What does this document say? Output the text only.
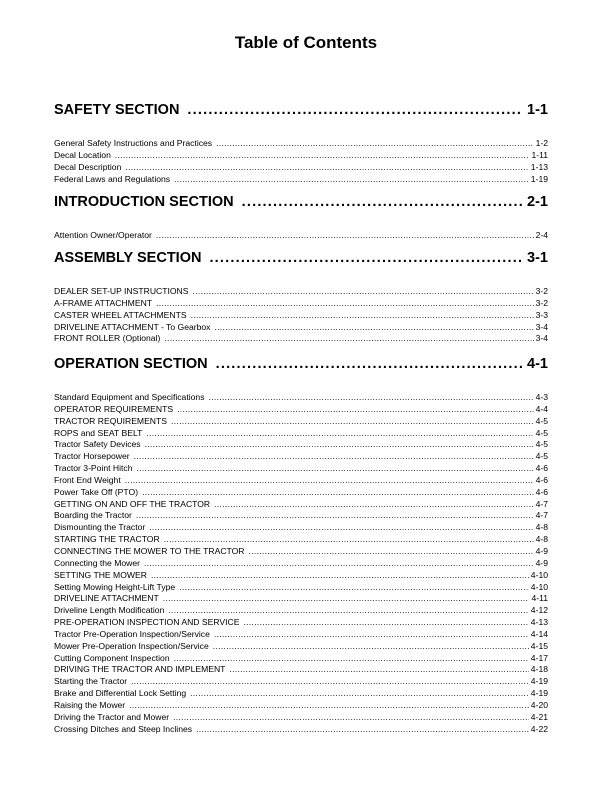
Table of Contents
SAFETY SECTION .....	1-1
General Safety Instructions and Practices .....	1-2
Decal Location .....	1-11
Decal Description .....	1-13
Federal Laws and Regulations .....	1-19
INTRODUCTION SECTION .....	2-1
Attention Owner/Operator .....	2-4
ASSEMBLY SECTION .....	3-1
DEALER SET-UP INSTRUCTIONS .....	3-2
A-FRAME ATTACHMENT .....	3-2
CASTER WHEEL ATTACHMENTS .....	3-3
DRIVELINE ATTACHMENT - To Gearbox .....	3-4
FRONT ROLLER (Optional) .....	3-4
OPERATION SECTION .....	4-1
Standard Equipment and Specifications .....	4-3
OPERATOR REQUIREMENTS .....	4-4
TRACTOR REQUIREMENTS .....	4-5
ROPS and SEAT BELT .....	4-5
Tractor Safety Devices .....	4-5
Tractor Horsepower .....	4-5
Tractor 3-Point Hitch .....	4-6
Front End Weight .....	4-6
Power Take Off (PTO) .....	4-6
GETTING ON AND OFF THE TRACTOR .....	4-7
Boarding the Tractor .....	4-7
Dismounting the Tractor .....	4-8
STARTING THE TRACTOR .....	4-8
CONNECTING THE MOWER TO THE TRACTOR .....	4-9
Connecting the Mower .....	4-9
SETTING THE MOWER .....	4-10
Setting Mowing Height-Lift Type .....	4-10
DRIVELINE ATTACHMENT .....	4-11
Driveline Length Modification .....	4-12
PRE-OPERATION INSPECTION AND SERVICE .....	4-13
Tractor Pre-Operation Inspection/Service .....	4-14
Mower Pre-Operation Inspection/Service .....	4-15
Cutting Component Inspection .....	4-17
DRIVING THE TRACTOR AND IMPLEMENT .....	4-18
Starting the Tractor .....	4-19
Brake and Differential Lock Setting .....	4-19
Raising the Mower .....	4-20
Driving the Tractor and Mower .....	4-21
Crossing Ditches and Steep Inclines .....	4-22
